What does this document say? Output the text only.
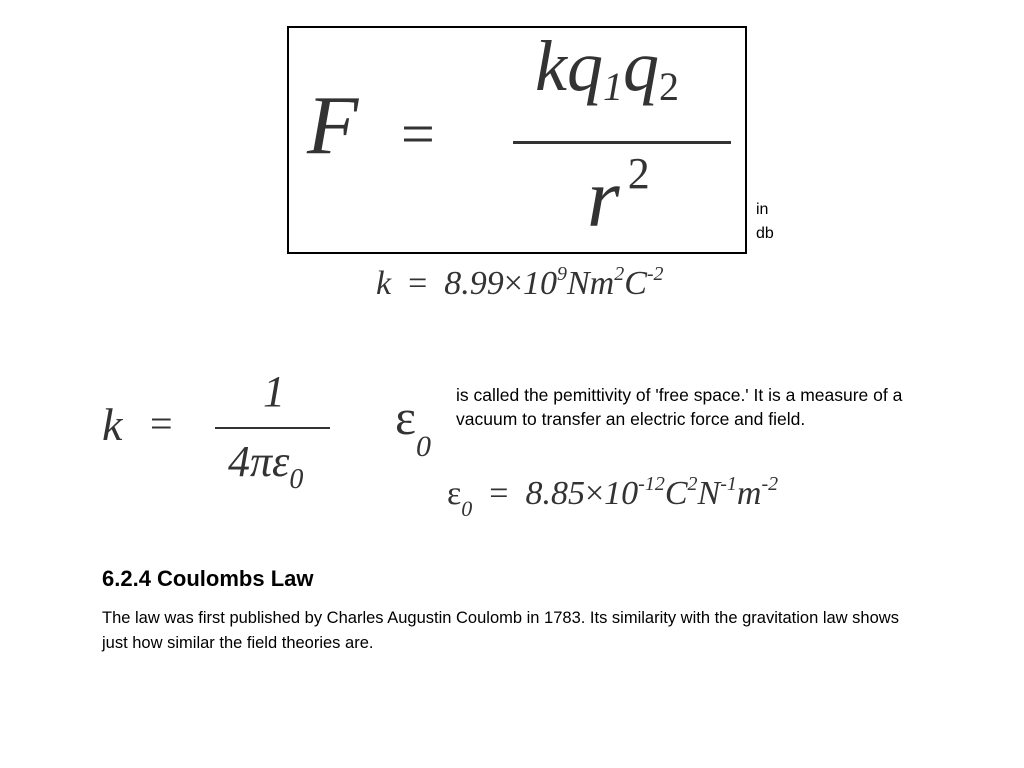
F =
$kq_1q_2$
r $^2$
in
db
$k = 8.99\times 10^9Nm^2C^{-2}$
k =
1
$4\pi\varepsilon_0$
$\varepsilon_0$
is called the pemittivity of 'free space.' It is a measure of a vacuum to transfer an electric force and field.
$\varepsilon_0 = 8.85\times 10^{-12}C^2N^{-1}m^{-2}$
6.2.4 Coulombs Law
The law was first published by Charles Augustin Coulomb in 1783. Its similarity with the gravitation law shows just how similar the field theories are.
